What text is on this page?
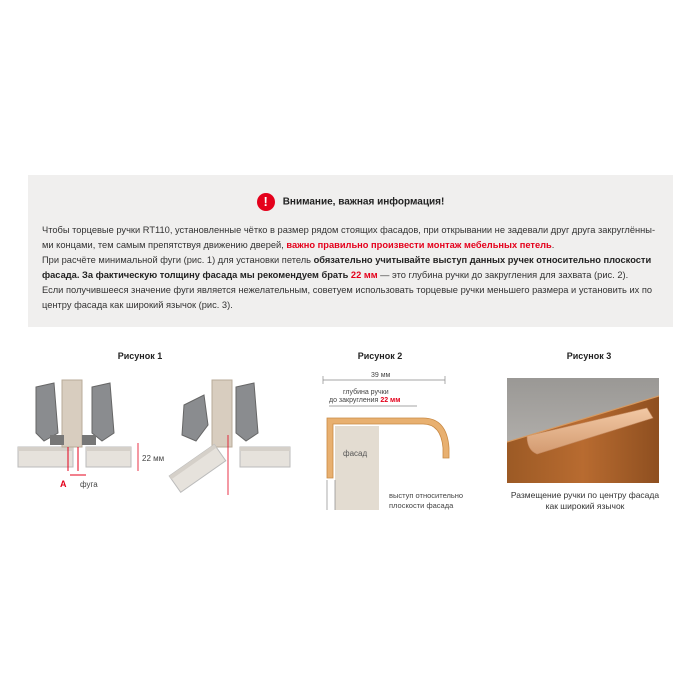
! Внимание, важная информация!
Чтобы торцевые ручки RT110, установленные чётко в размер рядом стоящих фасадов, при открывании не задевали друг друга закруглённы-ми концами, тем самым препятствуя движению дверей, важно правильно произвести монтаж мебельных петель.
При расчёте минимальной фуги (рис. 1) для установки петель обязательно учитывайте выступ данных ручек относительно плоскости фасада. За фактическую толщину фасада мы рекомендуем брать 22 мм — это глубина ручки до закругления для захвата (рис. 2).
Если получившееся значение фуги является нежелательным, советуем использовать торцевые ручки меньшего размера и установить их по центру фасада как широкий язычок (рис. 3).
Рисунок 1	Рисунок 2	Рисунок 3
A фуга
22 мм
39 мм
глубина ручки
до закругления 22 мм
фасад
выступ относительно
плоскости фасада
Размещение ручки по центру фасада
как широкий язычок
